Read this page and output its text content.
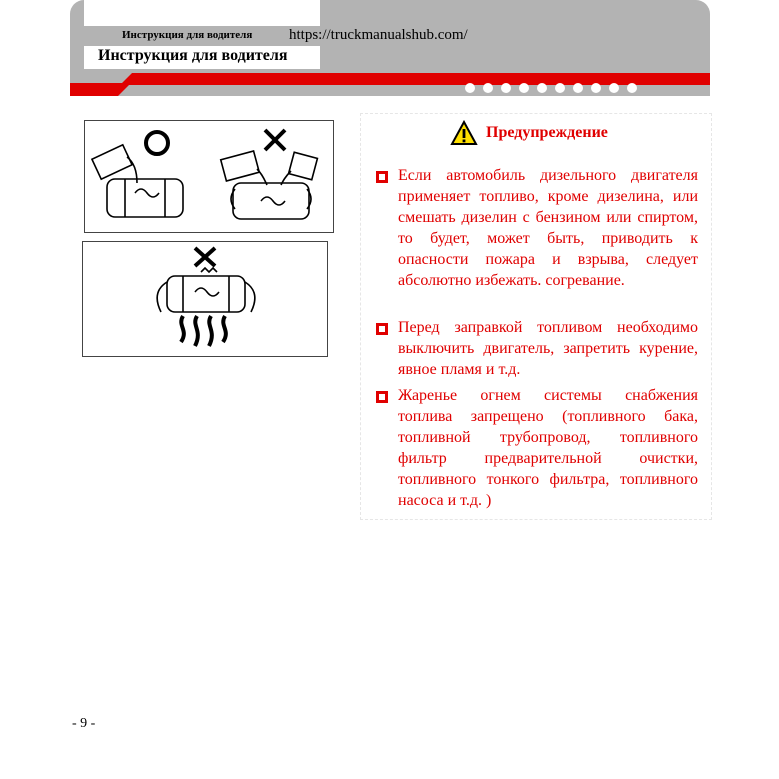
Инструкция для водителя https://truckmanualshub.com/
Инструкция для водителя
Предупреждение
Если автомобиль дизельного двигателя применяет топливо, кроме дизелина, или смешать дизелин с бензином или спиртом, то будет, может быть, приводить к опасности пожара и взрыва, следует абсолютно избежать. согревание.
Перед заправкой топливом необходимо выключить двигатель, запретить курение, явное пламя и т.д.
Жаренье огнем системы снабжения топлива запрещено (топливного бака, топливной трубопровод, топливного фильтр предварительной очистки, топливного тонкого фильтра, топливного насоса и т.д. )
- 9 -
